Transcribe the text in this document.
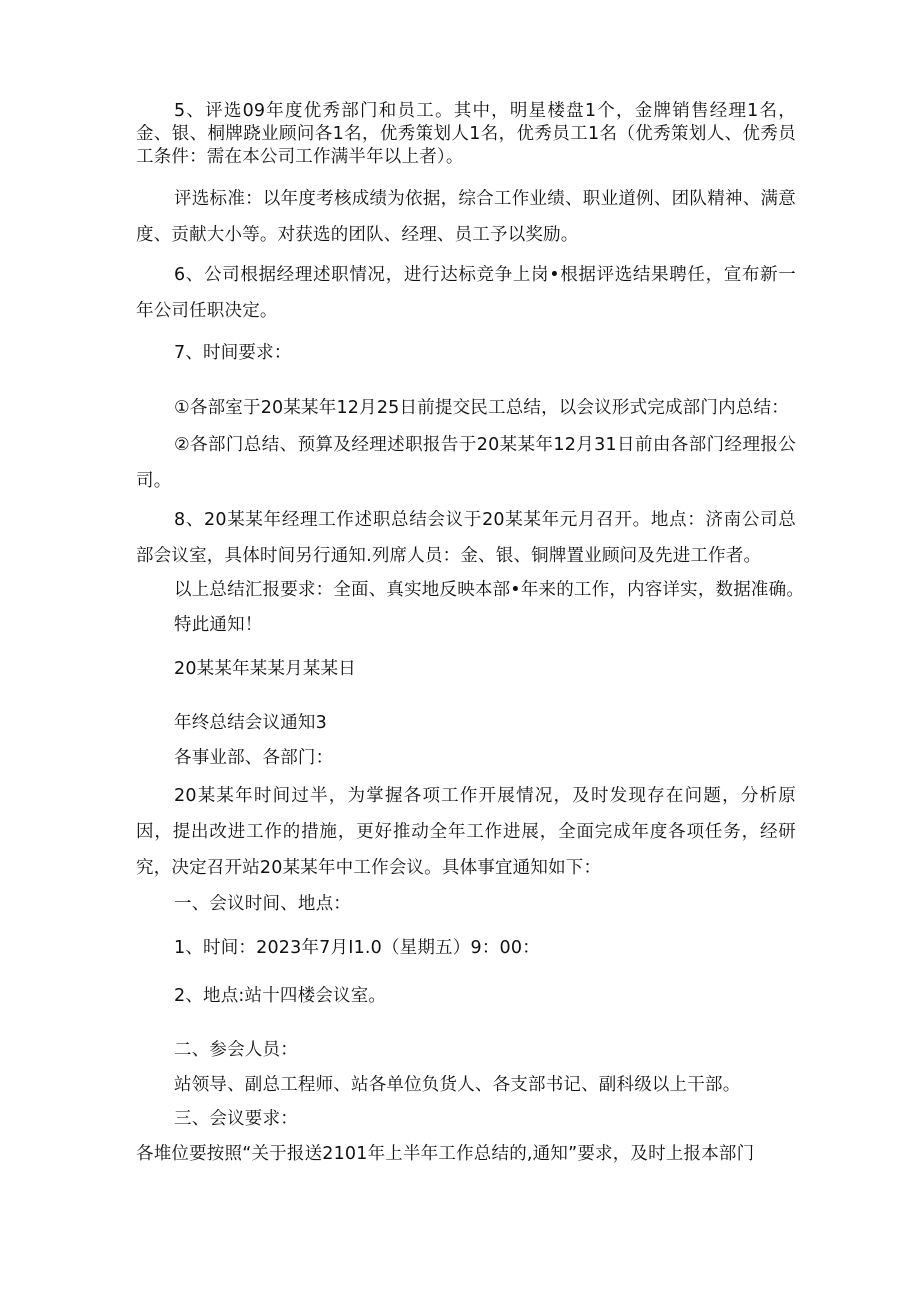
5、评选09年度优秀部门和员工。其中，明星楼盘1个，金牌销售经理1名，金、银、桐牌跷业顾问各1名，优秀策划人1名，优秀员工1名（优秀策划人、优秀员工条件：需在本公司工作满半年以上者）。
评选标准：以年度考核成绩为依据，综合工作业绩、职业道例、团队精神、满意度、贡献大小等。对获选的团队、经理、员工予以奖励。
6、公司根据经理述职情况，进行达标竞争上岗•根据评选结果聘任，宣布新一年公司任职决定。
7、时间要求：
①各部室于20某某年12月25日前提交民工总结，以会议形式完成部门内总结：
②各部门总结、预算及经理述职报告于20某某年12月31日前由各部门经理报公司。
8、20某某年经理工作述职总结会议于20某某年元月召开。地点：济南公司总部会议室，具体时间另行通知.列席人员：金、银、铜牌置业顾问及先进工作者。
以上总结汇报要求：全面、真实地反映本部•年来的工作，内容详实，数据准确。
特此通知！
20某某年某某月某某日
年终总结会议通知3
各事业部、各部门：
20某某年时间过半，为掌握各项工作开展情况，及时发现存在问题，分析原因，提出改进工作的措施，更好推动全年工作进展，全面完成年度各项任务，经研究，决定召开站20某某年中工作会议。具体事宜通知如下：
一、会议时间、地点：
1、时间：2023年7月I1.0（星期五）9：00：
2、地点:站十四楼会议室。
二、参会人员：
站领导、副总工程师、站各单位负货人、各支部书记、副科级以上干部。
三、会议要求：
各堆位要按照“关于报送2101年上半年工作总结的,通知”要求，及时上报本部门
